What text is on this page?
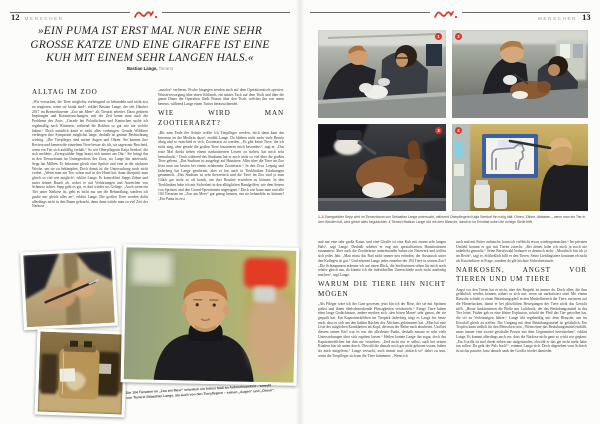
12 MENSCHEN
»EIN PUMA IST ERST MAL NUR EINE SEHR
GROSSE KATZE UND EINE GIRAFFE IST EINE
KUH MIT EINEM SEHR LANGEN HALS.«
Bastian Lange, Tierarzt
ALLTAG IM ZOO

„Wir versuchen, die Tiere möglichst vorbeugend zu behandeln und nicht erst zu reagieren, wenn sie krank sind“, erklärt Bastian Lange, der seit Oktober 2017 im Bremerhavener „Zoo am Meer“ als Tierarzt arbeitet. Dazu gehören Impfungen und Kotuntersuchungen, mit der Zeit kennt man auch die Probleme des Zoos. „Gerade bei Polarfüchsen und Kaninchen suche ich regelmäßig nach Würmern, während die Robben so gut wie nie welche haben.“ Doch natürlich kann er nicht alles vorbeugen. Gerade Wildtiere verbergen ihre Symptome möglichst lange, deshalb ist genaue Beobachtung wichtig. „Die Tierpfleger sind meine Augen und Ohren. Sie kennen ihre Reviere und kennen die einzelnen Tiere besser als ich, sie sagen mir Bescheid, wenn ein Tier sich auffällig verhält.“ So wie Oberpflegerin Katja Seedorf, die sich meldete: „Zwergwidder Sepp kratzt sich immer am Ohr.“ Sie bringt ihn in den Tierarztraum im Untergeschoss des Zoos, wo Lange ihn untersucht. Sepp hat Milben. Er bekommt gleich eine Spritze und eine in der nächsten Woche, um sie zu bekämpfen. Doch damit ist die Untersuchung noch nicht vorbei. „Wenn man ein Tier schon mal in der Hand hat, dann überprüft man gleich so viel wie möglich“, erklärt Lange. Er kontrolliert Sepps Zähne und tastet seinen Bauch ab, wobei er auf Verhärtungen und Anzeichen von Schmerz achtet. Sepp geht es gut, er darf wieder ins Gehege. „Auch wenn ein Tier unter Narkose ist, geht es nicht nur um die Behandlung, sondern ich gucke mir gleich alles an“, erklärt Lange. Die großen Tiere werden dafür allerdings nicht in den Raum gebracht, denn dann würde man zu viel Zeit der Narkose

„nutzlos“ verlieren. Fische hingegen werden auch auf dem Operationstisch operiert: Wasserversorgung über einen Schlauch, ein nasses Tuch auf dem Tisch und über die ganze Dauer der Operation fließt Wasser über den Tisch, welches ihn von unten benetzt, während Lange einen Tumor herausschneidet.

WIE WIRD MAN ZOOTIERARZT?

„Bis zum Ende der Schule wollte ich Tierpfleger werden, doch dann kam das Interesse an der Medizin dazu“, erzählt Lange. Da blieben nicht mehr viele Berufe übrig und so entschied er sich, Zootierarzt zu werden. „Es gibt keine Tiere, die ich nicht mag, aber gerade die großen Tiere faszinieren mich besonders“, sagt er. „Das erste Mal direkt neben einem narkotisierten Löwen zu stehen, hat mich sehr beeindruckt.“ Doch während des Studiums hat er noch nicht so viel über die großen Tiere gelernt. „Das Studium ist ausgelegt auf Haustiere. Alles über die Tiere im Zoo lernt man am besten bei einem erfahrenen Zootierarzt.“ In den Zoos Leipzig und Jaderberg hat Lange gearbeitet, aber er hat auch in Tierkliniken Erfahrungen gesammelt. „Das Studium ist sehr theoretisch und die Tiere im Zoo sind ja zum Glück gar nicht so oft krank, um dort Routine erwerben zu können. In den Tierkliniken habe ich mir Sicherheit in den alltäglichen Handgriffen, wie dem Setzen von Spritzen und den Grund-Operationen angeeignet.“ Doch wie kann man nun alle 104 Tierarten im „Zoo am Meer“ gut genug kennen, um sie behandeln zu können? „Ein Puma ist erst

Die 104 Tierarten im „Zoo am Meer“ erfordern ein hohes Maß an Aufmerksamkeit – sowohl von Tierarzt Sebastian Lange, als auch von den Tierpflegern – seinen „Augen“ und „Ohren“.
MENSCHEN 13
1	2
3	4
1–3 Zwergwidder Sepp wird im Tierarztraum von Sebastian Lange untersucht, während Oberpflegerin Katja Seedorf ihn ruhig hält. Ohren, Zähne, Abtasten – wenn man ein Tier in den Händen hat, wird gleich alles begutachtet. 4 Tierarzt Bastian Lange übt mit dem Blasrohr, damit er im Ernstfall sofort die richtige Stelle trifft.

mal nur eine sehr große Katze, und eine Giraffe ist eine Kuh mit einem sehr langen Hals“, sagt Lange. Deshalb arbeitet er eng mit spezialisierten Haustierärzten zusammen. Aber auch die Zootierärzte untereinander haben ein Netzwerk und treffen sich jedes Jahr. „Man muss das Rad nicht immer neu erfinden, der Austausch unter den Kollegen ist gut.“ Und erkennt Lange jedes einzelne der 104 Tiere in seinem Zoo? „Die Schimpansen erkenne ich auf einen Blick, die Seelöwinnen sehen für mich noch relativ gleich aus, da könnte ich die individuellen Unterschiede noch nicht ausfindig machen“, sagt Lange.

WARUM DIE TIERE IHN NICHT MÖGEN

„Als Pfleger wäre ich der Gute gewesen, jetzt bin ich der Böse, der sie mit Spritzen piekst und ihnen übelschmeckende Flüssigkeiten verabreicht.“ Einige Tiere haben eben lange Gedächtnisse, andere merken sich „den bösen Mann“ sehr genau, der sie gequält hat. Ein Kapuzineräffchen im Tierpark Jaderberg trägt es Lange bis heute nach, dass er sich um den kahlen Rücken des Äffchens gekümmert hat. „Man hat eine Liste der möglichen Krankheiten im Kopf, die man der Reihe nach abarbeitet. Und bei diesem armen Kerl war es erst der allerletzte Punkt, deshalb musste er sehr viele Untersuchungen über sich ergehen lassen.“ Heilen konnte Lange ihn sogar, doch das Kapuzineräffchen hat ihm nie verziehen. „Und nicht nur er selbst, auch bei seinen Kindern bin ich unten durch. Obwohl die damals noch gar nicht geboren waren, haben sie mich mitgelernt.“ Lange versucht, auch immer mal „einfach so“ dabei zu sein, wenn die Tierpfleger sich um die Tiere kümmern: „Wenn ich

auch mal mit Futter auftauche, kann ich vielleicht etwas wiedergutmachen.“ Im privaten Umfeld kommt er gut mit Tieren zurecht. „Bei denen habe ich mich ja noch nie unbeliebt gemacht.“ Seine Berufswahl bedauert er dennoch nicht: „Moralisch bin ich ja im Recht“, sagt er. Schließlich hilft er den Tieren. Seine Lieblingstiere kommen eh nicht als Kuscheltiere in Frage, sondern da gilt höchste Sicherheitsstufe.

NARKOSEN, ANGST VOR TIEREN UND UM TIERE

Angst vor den Tieren hat er nicht, aber der Respekt ist immer da. Doch allen, die ihm gefährlich werden können, nähert er sich nur, wenn sie narkotisiert sind. Mit einem Blasrohr schießt er einen Betäubungspfeil in den Muskelbereich der Tiere, meistens auf die Hinterbacken, damit er bei plötzlichen Bewegungen der Tiere nicht das Gesicht trifft. „Heute funktionieren die Pfeile mit Luftdruck, der das Betäubungsmittel in das Tier leitet. Früher gab es eine kleine Explosion, sobald der Pfeil das Tier getroffen hat, die oft zu Verletzungen führte.“ Lange übt regelmäßig mit dem Blasrohr, um im Ernstfall gleich zu treffen. Der Umgang mit dem Betäubungsmittel ist gefährlich. Ein Tropfen kann tödlich für den Menschen sein. „Wenn einer das Betäubungsmittel einfüllt, muss immer eine zweite geschulte Person mit dem Gegenmittel bereitstehen“, erklärt Lange. Es kommt allerdings auch vor, dass die Narkose nicht ganz so wirkt wie geplant: „Ein Gorilla ist mal direkt neben mir aufgestanden, obwohl er das gar nicht mehr hätte tun sollen. Da geht der Puls hoch!“, erinnert Lange sich. Doch abgesehen vom Schreck ist nichts passiert, kurz danach sank der Gorilla wieder darnieder.
